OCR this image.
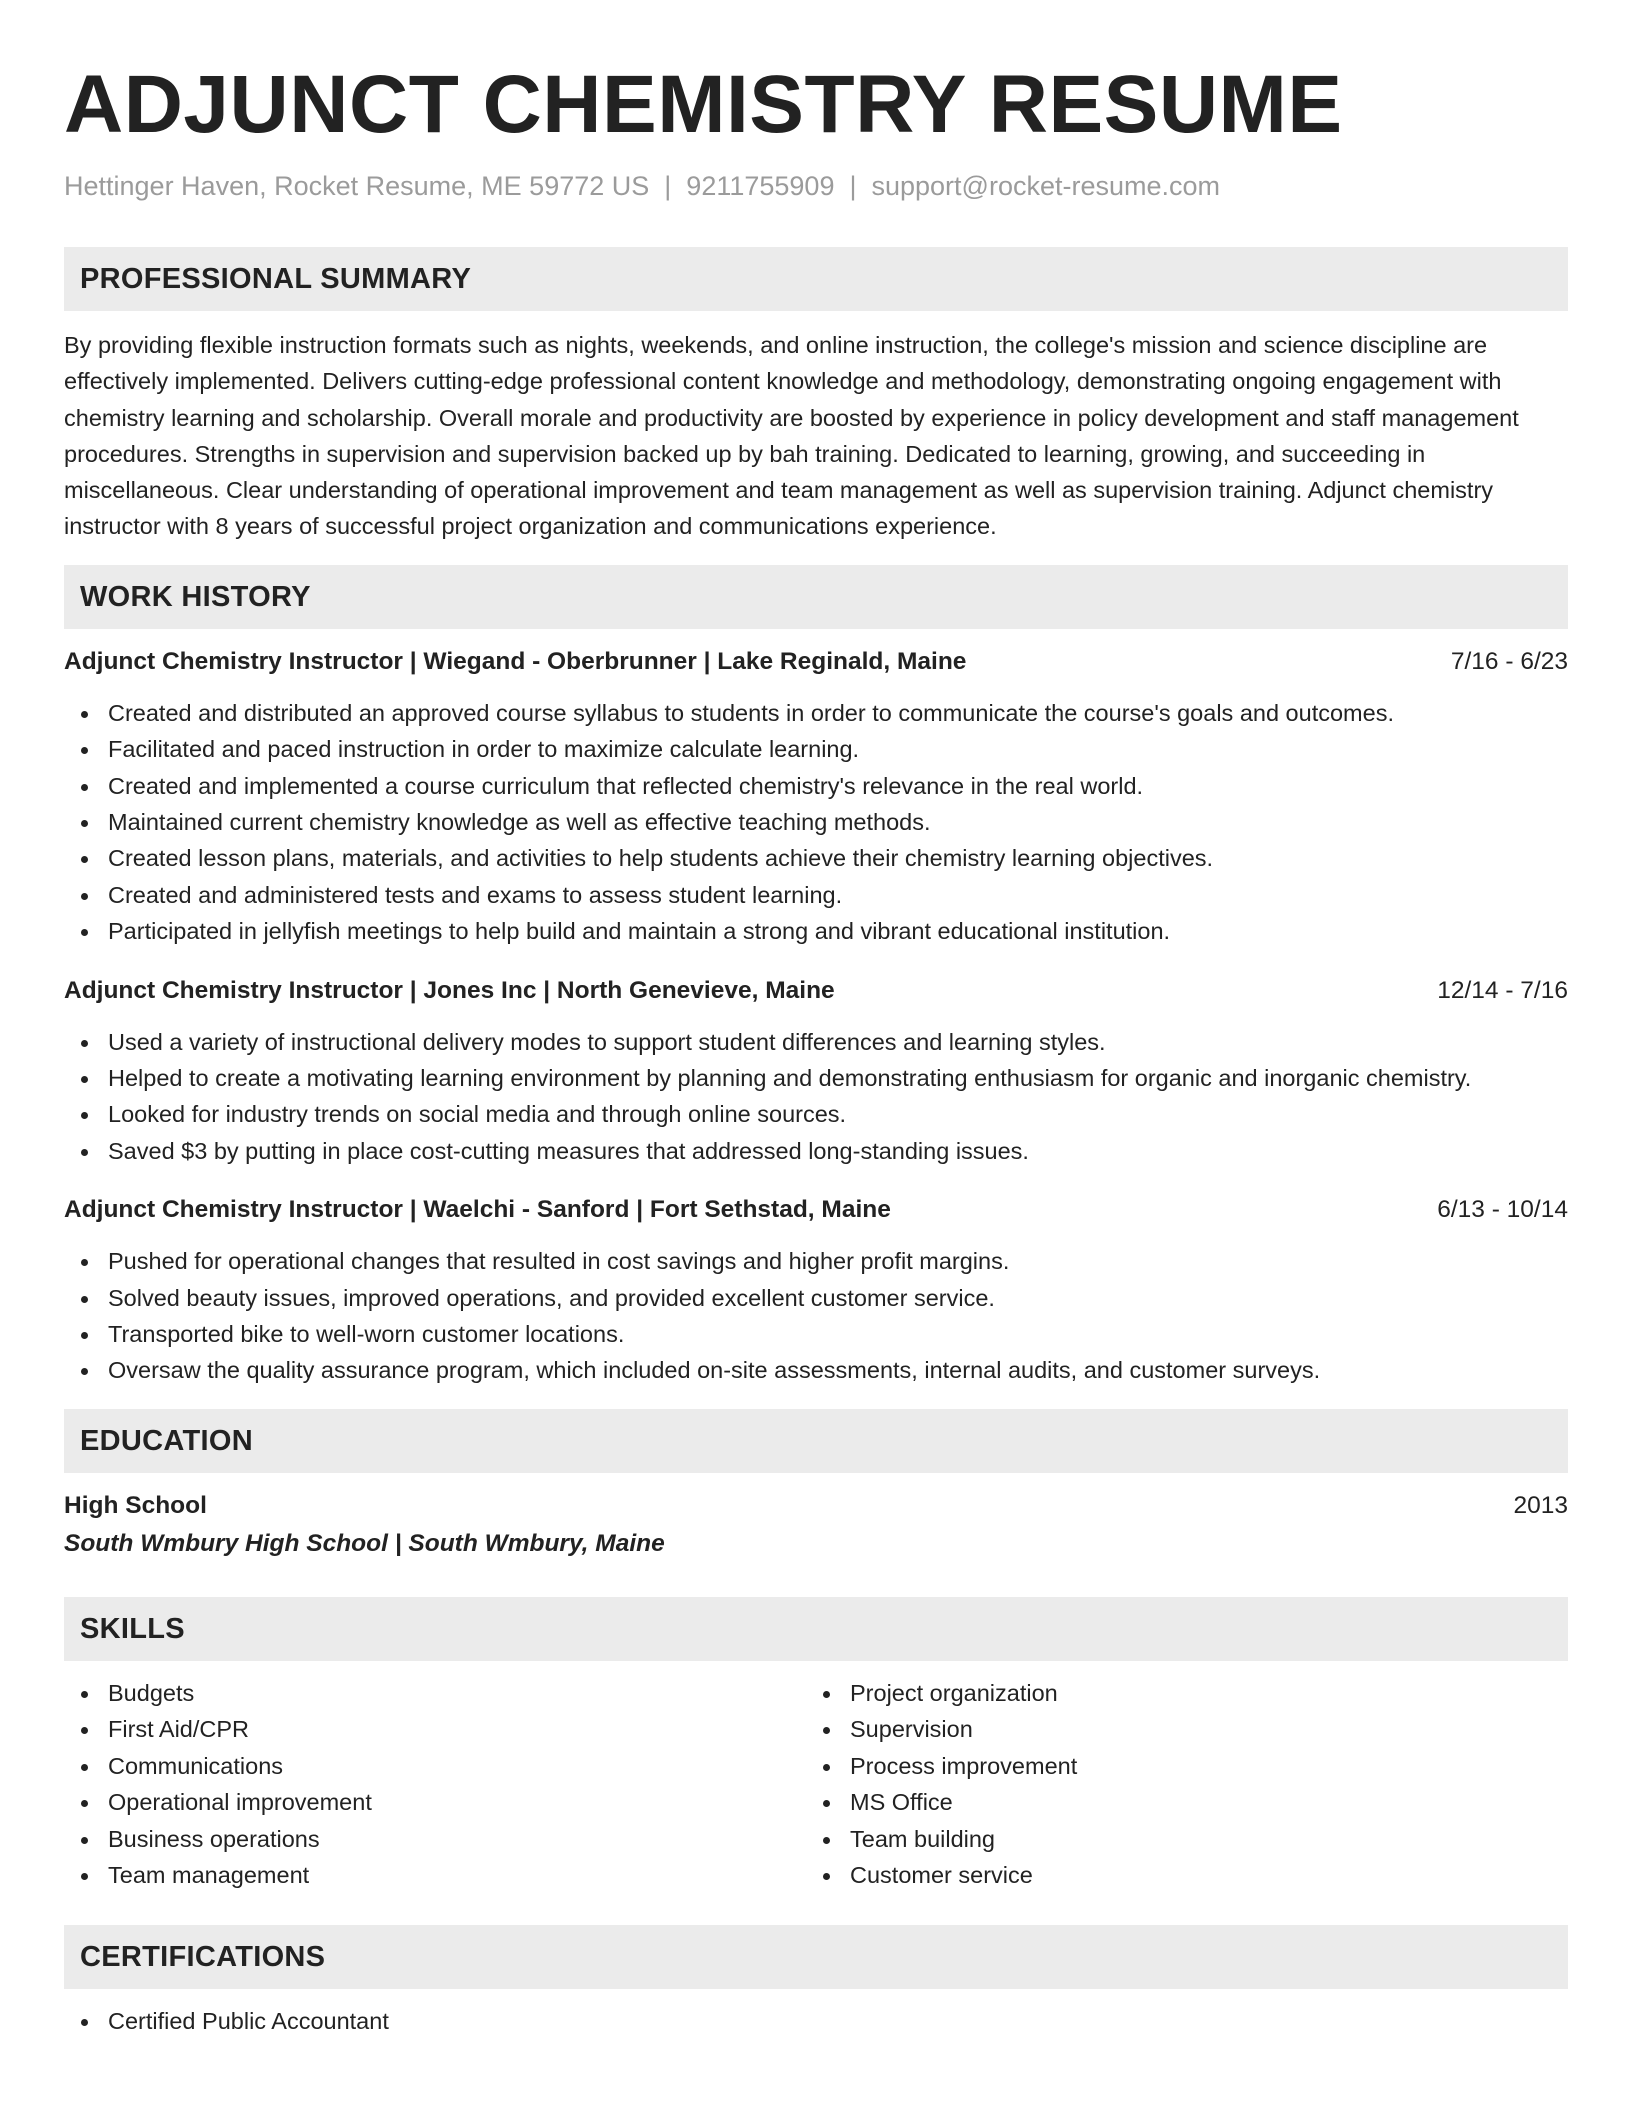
ADJUNCT CHEMISTRY RESUME
Hettinger Haven, Rocket Resume, ME 59772 US | 9211755909 | support@rocket-resume.com
PROFESSIONAL SUMMARY

By providing flexible instruction formats such as nights, weekends, and online instruction, the college's mission and science discipline are effectively implemented. Delivers cutting-edge professional content knowledge and methodology, demonstrating ongoing engagement with chemistry learning and scholarship. Overall morale and productivity are boosted by experience in policy development and staff management procedures. Strengths in supervision and supervision backed up by bah training. Dedicated to learning, growing, and succeeding in miscellaneous. Clear understanding of operational improvement and team management as well as supervision training. Adjunct chemistry instructor with 8 years of successful project organization and communications experience.

WORK HISTORY
Adjunct Chemistry Instructor | Wiegand - Oberbrunner | Lake Reginald, Maine	7/16 - 6/23
Created and distributed an approved course syllabus to students in order to communicate the course's goals and outcomes.
Facilitated and paced instruction in order to maximize calculate learning.
Created and implemented a course curriculum that reflected chemistry's relevance in the real world.
Maintained current chemistry knowledge as well as effective teaching methods.
Created lesson plans, materials, and activities to help students achieve their chemistry learning objectives.
Created and administered tests and exams to assess student learning.
Participated in jellyfish meetings to help build and maintain a strong and vibrant educational institution.
Adjunct Chemistry Instructor | Jones Inc | North Genevieve, Maine	12/14 - 7/16
Used a variety of instructional delivery modes to support student differences and learning styles.
Helped to create a motivating learning environment by planning and demonstrating enthusiasm for organic and inorganic chemistry.
Looked for industry trends on social media and through online sources.
Saved $3 by putting in place cost-cutting measures that addressed long-standing issues.
Adjunct Chemistry Instructor | Waelchi - Sanford | Fort Sethstad, Maine	6/13 - 10/14
Pushed for operational changes that resulted in cost savings and higher profit margins.
Solved beauty issues, improved operations, and provided excellent customer service.
Transported bike to well-worn customer locations.
Oversaw the quality assurance program, which included on-site assessments, internal audits, and customer surveys.
EDUCATION
High School	2013
South Wmbury High School | South Wmbury, Maine
SKILLS
Budgets
First Aid/CPR
Communications
Operational improvement
Business operations
Team management
Project organization
Supervision
Process improvement
MS Office
Team building
Customer service
CERTIFICATIONS
Certified Public Accountant
